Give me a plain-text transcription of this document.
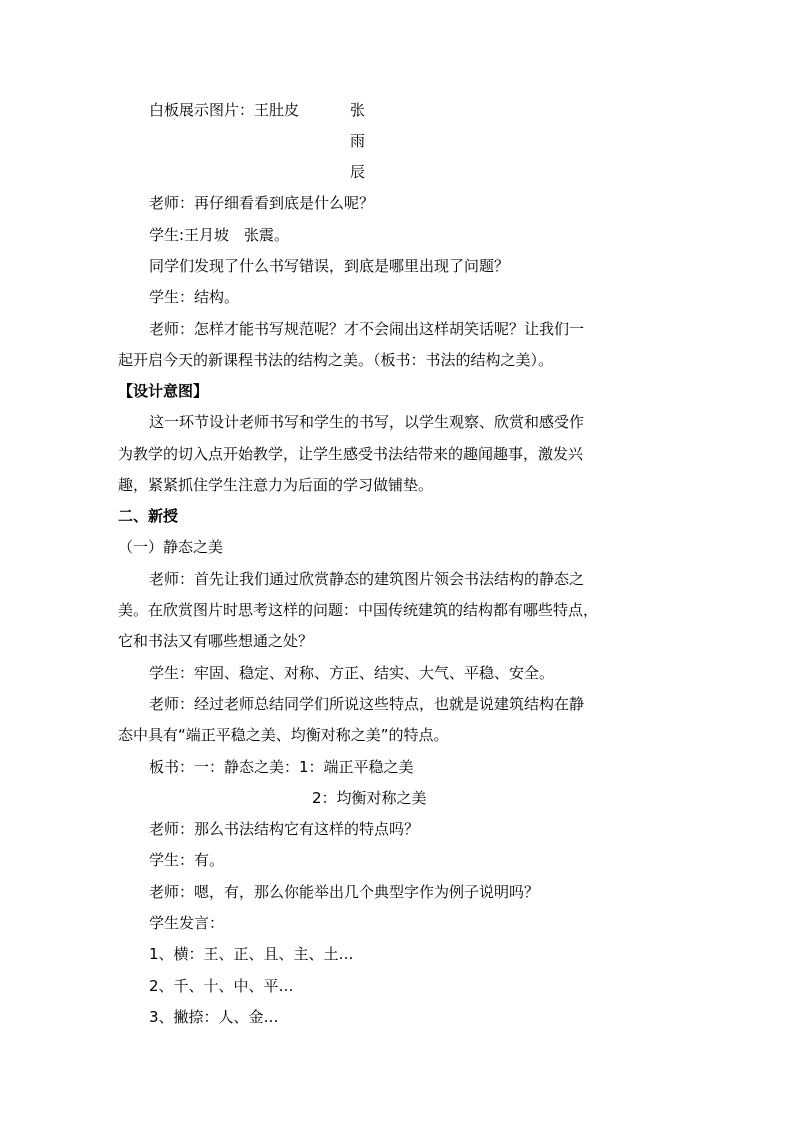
白板展示图片：王肚皮	张
雨
辰
老师：再仔细看看到底是什么呢？
学生:王月坡　张震。
同学们发现了什么书写错误，到底是哪里出现了问题？
学生：结构。
老师：怎样才能书写规范呢？才不会闹出这样胡笑话呢？让我们一
起开启今天的新课程书法的结构之美。（板书：书法的结构之美）。
【设计意图】
这一环节设计老师书写和学生的书写，以学生观察、欣赏和感受作
为教学的切入点开始教学，让学生感受书法结带来的趣闻趣事，激发兴
趣，紧紧抓住学生注意力为后面的学习做铺垫。
二、新授
（一）静态之美
老师：首先让我们通过欣赏静态的建筑图片领会书法结构的静态之
美。在欣赏图片时思考这样的问题：中国传统建筑的结构都有哪些特点，
它和书法又有哪些想通之处？
学生：牢固、稳定、对称、方正、结实、大气、平稳、安全。
老师：经过老师总结同学们所说这些特点，也就是说建筑结构在静
态中具有“端正平稳之美、均衡对称之美”的特点。
板书：一：静态之美：1：端正平稳之美
2：均衡对称之美
老师：那么书法结构它有这样的特点吗？
学生：有。
老师：嗯，有，那么你能举出几个典型字作为例子说明吗？
学生发言：
1、横：王、正、且、主、土…
2、千、十、中、平…
3、撇捺：人、金…
